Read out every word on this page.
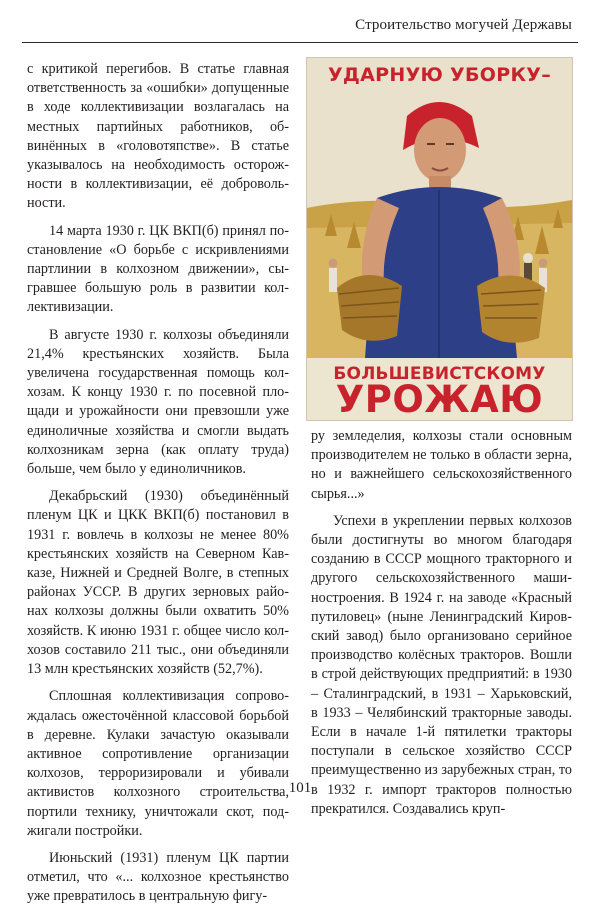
Строительство могучей Державы

с критикой перегибов. В статье главная ответственность за «ошибки» допущенные в ходе коллективизации возлагалась на местных партийных работников, обвинённых в «головотяпстве». В статье указывалось на необходимость осторожности в коллективизации, её добровольности.

14 марта 1930 г. ЦК ВКП(б) принял постановление «О борьбе с искривлениями партлинии в колхозном движении», сыгравшее большую роль в развитии коллективизации.

В августе 1930 г. колхозы объединяли 21,4% крестьянских хозяйств. Была увеличена государственная помощь колхозам. К концу 1930 г. по посевной площади и урожайности они превзошли уже единоличные хозяйства и смогли выдать колхозникам зерна (как оплату труда) больше, чем было у единоличников.

Декабрьский (1930) объединённый пленум ЦК и ЦКК ВКП(б) постановил в 1931 г. вовлечь в колхозы не менее 80% крестьянских хозяйств на Северном Кавказе, Нижней и Средней Волге, в степных районах УССР. В других зерновых районах колхозы должны были охватить 50% хозяйств. К июню 1931 г. общее число колхозов составило 211 тыс., они объединяли 13 млн крестьянских хозяйств (52,7%).

Сплошная коллективизация сопровождалась ожесточённой классовой борьбой в деревне. Кулаки зачастую оказывали активное сопротивление организации колхозов, терроризировали и убивали активистов колхозного строительства, портили технику, уничтожали скот, поджигали постройки.

Июньский (1931) пленум ЦК партии отметил, что «... колхозное крестьянство уже превратилось в центральную фигу-

УДАРНУЮ УБОРКУ–
БОЛЬШЕВИСТСКОМУ
УРОЖАЮ

ру земледелия, колхозы стали основным производителем не только в области зерна, но и важнейшего сельскохозяйственного сырья...»

Успехи в укреплении первых колхозов были достигнуты во многом благодаря созданию в СССР мощного тракторного и другого сельскохозяйственного машиностроения. В 1924 г. на заводе «Красный путиловец» (ныне Ленинградский Кировский завод) было организовано серийное производство колёсных тракторов. Вошли в строй действующих предприятий: в 1930 – Сталинградский, в 1931 – Харьковский, в 1933 – Челябинский тракторные заводы. Если в начале 1-й пятилетки тракторы поступали в сельское хозяйство СССР преимущественно из зарубежных стран, то в 1932 г. импорт тракторов полностью прекратился. Создавались круп-

101
